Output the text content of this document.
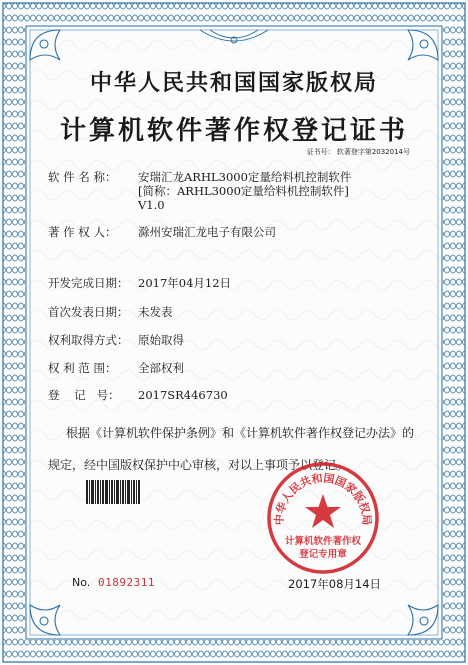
中华人民共和国国家版权局
计算机软件著作权登记证书
证书号： 软著登字第2032014号
软 件 名 称： 安瑞汇龙ARHL3000定量给料机控制软件
[简称：ARHL3000定量给料机控制软件]
V1.0
著 作 权 人： 滁州安瑞汇龙电子有限公司
开发完成日期： 2017年04月12日
首次发表日期： 未发表
权利取得方式： 原始取得
权 利 范 围： 全部权利
登    记   号： 2017SR446730
根据《计算机软件保护条例》和《计算机软件著作权登记办法》的
规定，经中国版权保护中心审核，对以上事项予以登记。
中华人民共和国国家版权局
计算机软件著作权
登记专用章
No. 01892311	2017年08月14日
